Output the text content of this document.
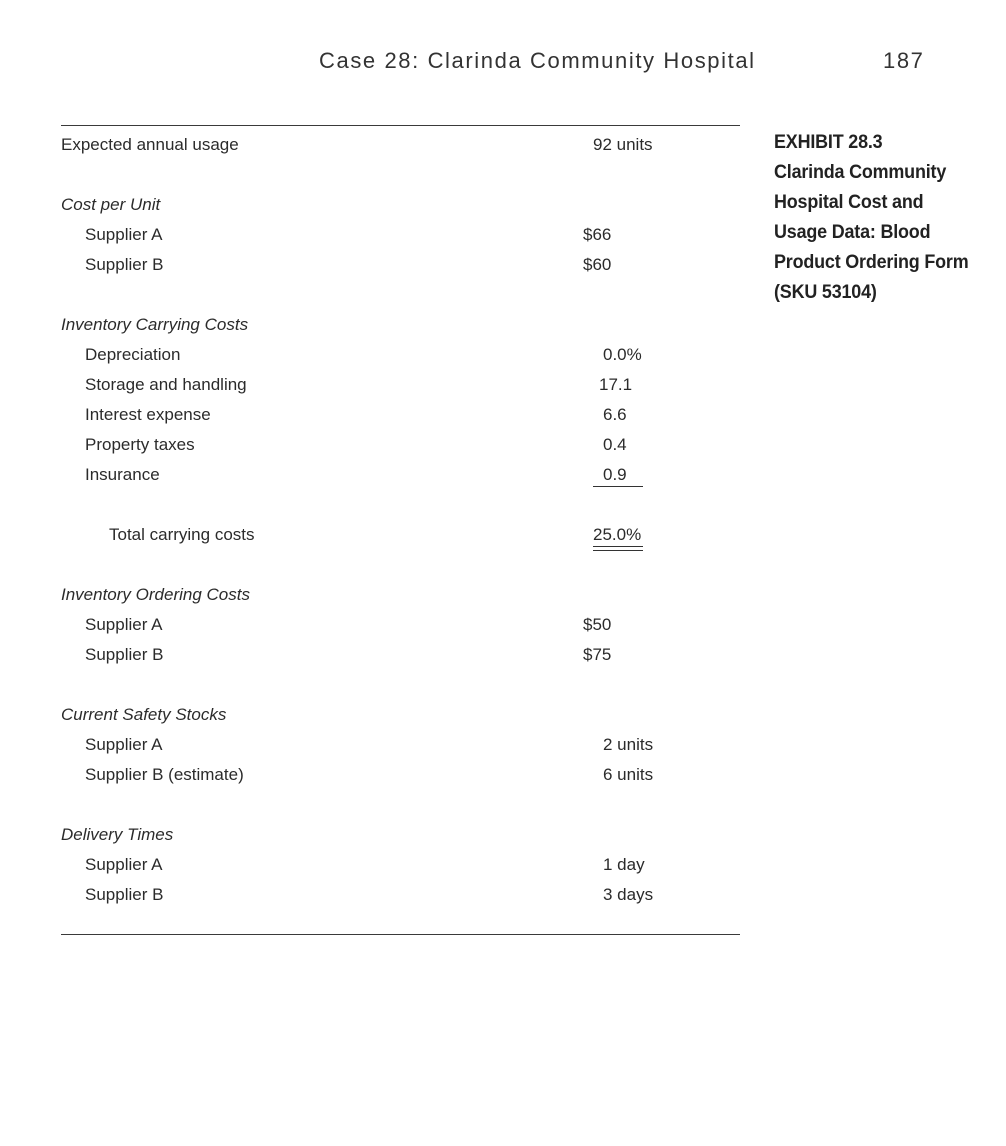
Case 28: Clarinda Community Hospital	187
Expected annual usage	92 units
Cost per Unit
Supplier A	$66
Supplier B	$60
Inventory Carrying Costs
Depreciation	0.0%
Storage and handling	17.1
Interest expense	6.6
Property taxes	0.4
Insurance	0.9
Total carrying costs	25.0%
Inventory Ordering Costs
Supplier A	$50
Supplier B	$75
Current Safety Stocks
Supplier A	2 units
Supplier B (estimate)	6 units
Delivery Times
Supplier A	1 day
Supplier B	3 days
EXHIBIT 28.3
Clarinda Community
Hospital Cost and
Usage Data: Blood
Product Ordering Form
(SKU 53104)
